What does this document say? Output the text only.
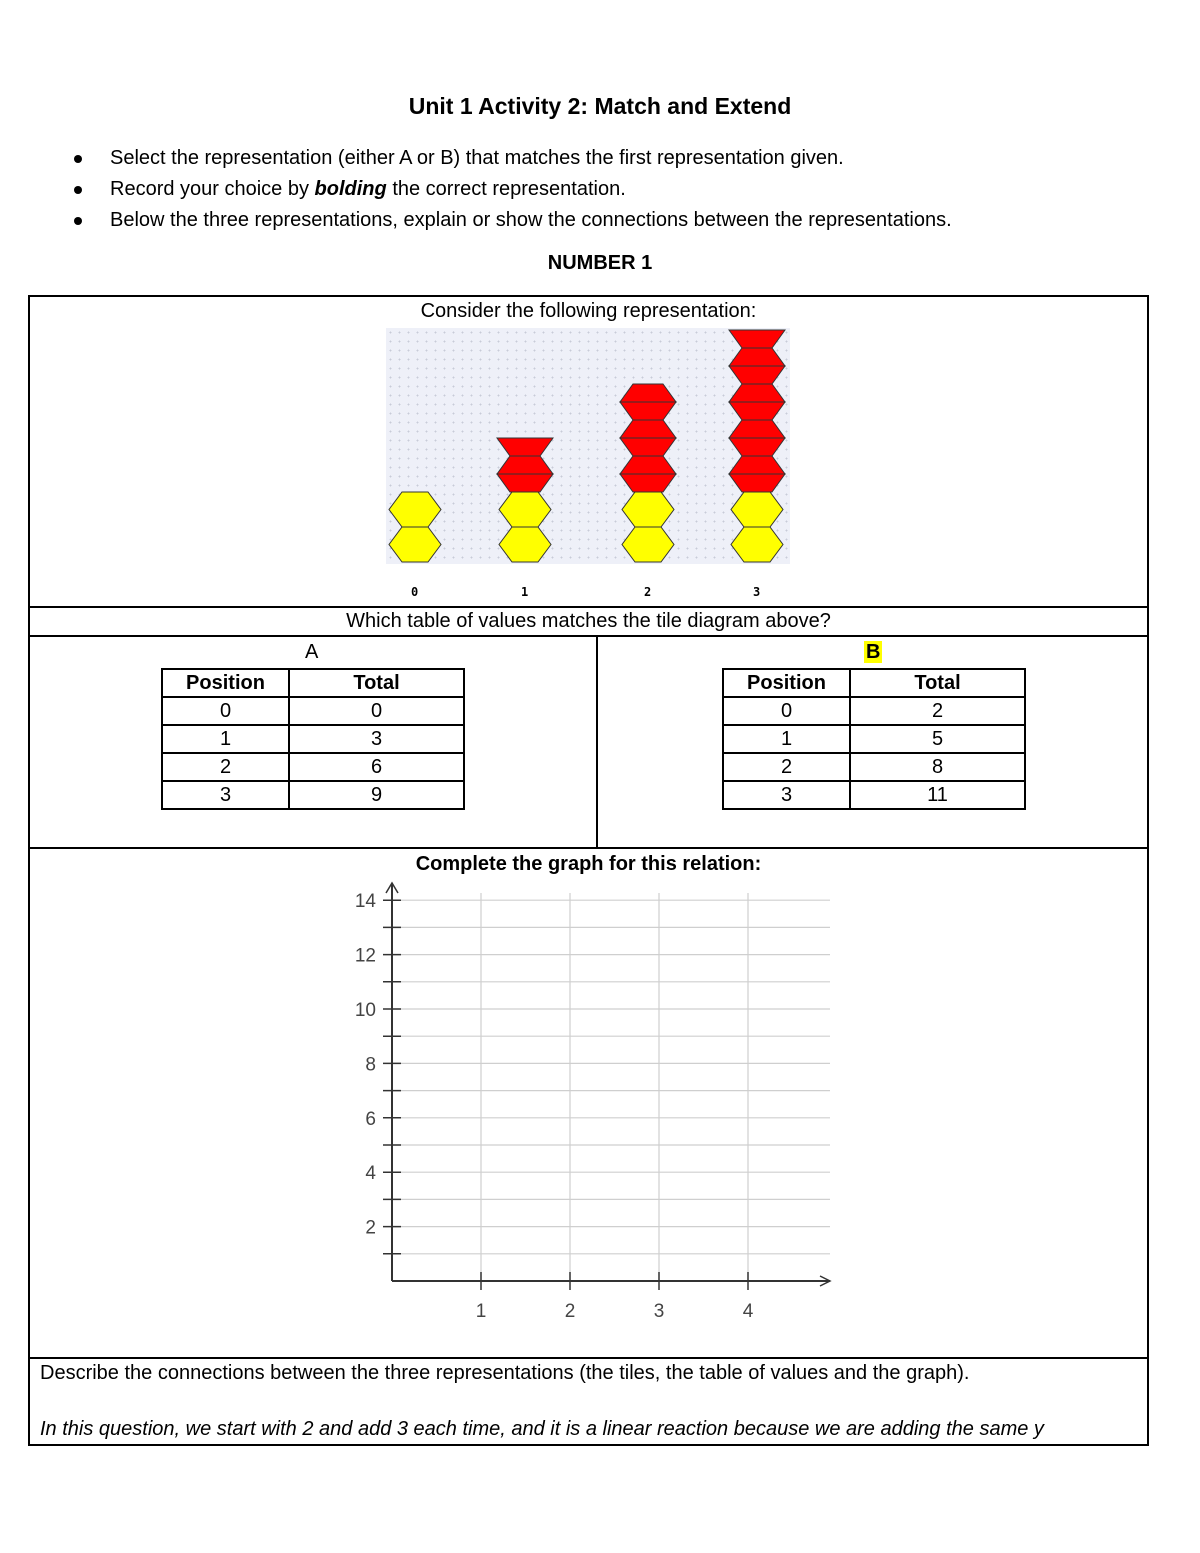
Unit 1 Activity 2: Match and Extend
Select the representation (either A or B) that matches the first representation given.
Record your choice by bolding the correct representation.
Below the three representations, explain or show the connections between the representations.
NUMBER 1
Consider the following representation:
0	1	2	3
Which table of values matches the tile diagram above?
A	B
Position	Total
0	0
1	3
2	6
3	9
Position	Total
0	2
1	5
2	8
3	11
Complete the graph for this relation:
1	2	3	4
2
4
6
8
10
12
14
Describe the connections between the three representations (the tiles, the table of values and the graph).
In this question, we start with 2 and add 3 each time, and it is a linear reaction because we are adding the same y
